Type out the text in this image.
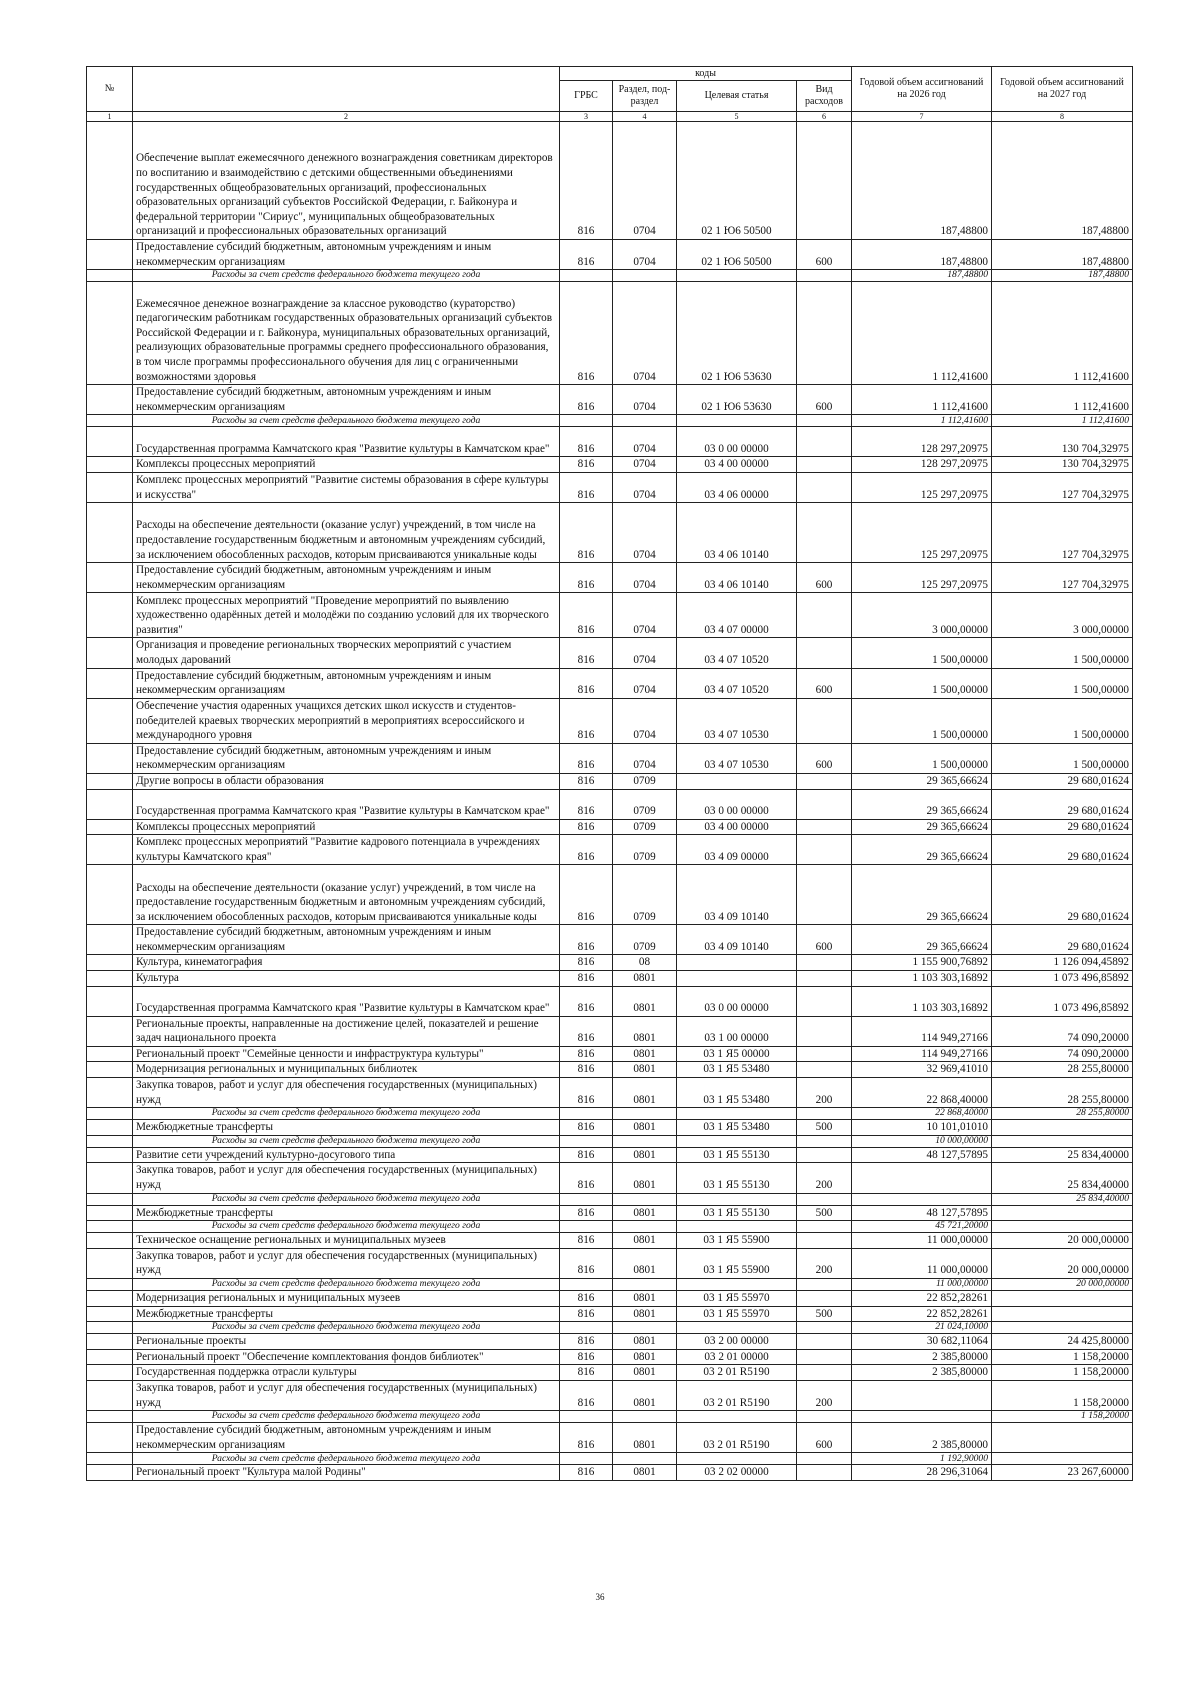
№		коды				Годовой объем ассигнований на 2026 год	Годовой объем ассигнований на 2027 год
		ГРБС	Раздел, под-раздел	Целевая статья	Вид расходов		
1	2	3	4	5	6	7	8
	Обеспечение выплат ежемесячного денежного вознаграждения советникам директоров по воспитанию и взаимодействию с детскими общественными объединениями государственных общеобразовательных организаций, профессиональных образовательных организаций субъектов Российской Федерации, г. Байконура и федеральной территории "Сириус", муниципальных общеобразовательных организаций и профессиональных образовательных организаций	816	0704	02 1 Ю6 50500		187,48800	187,48800
	Предоставление субсидий бюджетным, автономным учреждениям и иным некоммерческим организациям	816	0704	02 1 Ю6 50500	600	187,48800	187,48800
	Расходы за счет средств федерального бюджета текущего года					187,48800	187,48800
	Ежемесячное денежное вознаграждение за классное руководство (кураторство) педагогическим работникам государственных образовательных организаций субъектов Российской Федерации и г. Байконура, муниципальных образовательных организаций, реализующих образовательные программы среднего профессионального образования, в том числе программы профессионального обучения для лиц с ограниченными возможностями здоровья	816	0704	02 1 Ю6 53630		1 112,41600	1 112,41600
	Предоставление субсидий бюджетным, автономным учреждениям и иным некоммерческим организациям	816	0704	02 1 Ю6 53630	600	1 112,41600	1 112,41600
	Расходы за счет средств федерального бюджета текущего года					1 112,41600	1 112,41600
	Государственная программа Камчатского края "Развитие культуры в Камчатском крае"	816	0704	03 0 00 00000		128 297,20975	130 704,32975
	Комплексы процессных мероприятий	816	0704	03 4 00 00000		128 297,20975	130 704,32975
	Комплекс процессных мероприятий "Развитие системы образования в сфере культуры и искусства"	816	0704	03 4 06 00000		125 297,20975	127 704,32975
	Расходы на обеспечение деятельности (оказание услуг) учреждений, в том числе на предоставление государственным бюджетным и автономным учреждениям субсидий, за исключением обособленных расходов, которым присваиваются уникальные коды	816	0704	03 4 06 10140		125 297,20975	127 704,32975
	Предоставление субсидий бюджетным, автономным учреждениям и иным некоммерческим организациям	816	0704	03 4 06 10140	600	125 297,20975	127 704,32975
	Комплекс процессных мероприятий "Проведение мероприятий по выявлению художественно одарённых детей и молодёжи по созданию условий для их творческого развития"	816	0704	03 4 07 00000		3 000,00000	3 000,00000
	Организация и проведение региональных творческих мероприятий с участием молодых дарований	816	0704	03 4 07 10520		1 500,00000	1 500,00000
	Предоставление субсидий бюджетным, автономным учреждениям и иным некоммерческим организациям	816	0704	03 4 07 10520	600	1 500,00000	1 500,00000
	Обеспечение участия одаренных учащихся детских школ искусств и студентов-победителей краевых творческих мероприятий в мероприятиях всероссийского и международного уровня	816	0704	03 4 07 10530		1 500,00000	1 500,00000
	Предоставление субсидий бюджетным, автономным учреждениям и иным некоммерческим организациям	816	0704	03 4 07 10530	600	1 500,00000	1 500,00000
	Другие вопросы в области образования	816	0709			29 365,66624	29 680,01624
	Государственная программа Камчатского края "Развитие культуры в Камчатском крае"	816	0709	03 0 00 00000		29 365,66624	29 680,01624
	Комплексы процессных мероприятий	816	0709	03 4 00 00000		29 365,66624	29 680,01624
	Комплекс процессных мероприятий "Развитие кадрового потенциала в учреждениях культуры Камчатского края"	816	0709	03 4 09 00000		29 365,66624	29 680,01624
	Расходы на обеспечение деятельности (оказание услуг) учреждений, в том числе на предоставление государственным бюджетным и автономным учреждениям субсидий, за исключением обособленных расходов, которым присваиваются уникальные коды	816	0709	03 4 09 10140		29 365,66624	29 680,01624
	Предоставление субсидий бюджетным, автономным учреждениям и иным некоммерческим организациям	816	0709	03 4 09 10140	600	29 365,66624	29 680,01624
	Культура, кинематография	816	08			1 155 900,76892	1 126 094,45892
	Культура	816	0801			1 103 303,16892	1 073 496,85892
	Государственная программа Камчатского края "Развитие культуры в Камчатском крае"	816	0801	03 0 00 00000		1 103 303,16892	1 073 496,85892
	Региональные проекты, направленные на достижение целей, показателей и решение задач национального проекта	816	0801	03 1 00 00000		114 949,27166	74 090,20000
	Региональный проект "Семейные ценности и инфраструктура культуры"	816	0801	03 1 Я5 00000		114 949,27166	74 090,20000
	Модернизация региональных и муниципальных библиотек	816	0801	03 1 Я5 53480		32 969,41010	28 255,80000
	Закупка товаров, работ и услуг для обеспечения государственных (муниципальных) нужд	816	0801	03 1 Я5 53480	200	22 868,40000	28 255,80000
	Расходы за счет средств федерального бюджета текущего года					22 868,40000	28 255,80000
	Межбюджетные трансферты	816	0801	03 1 Я5 53480	500	10 101,01010	
	Расходы за счет средств федерального бюджета текущего года					10 000,00000	
	Развитие сети учреждений культурно-досугового типа	816	0801	03 1 Я5 55130		48 127,57895	25 834,40000
	Закупка товаров, работ и услуг для обеспечения государственных (муниципальных) нужд	816	0801	03 1 Я5 55130	200		25 834,40000
	Расходы за счет средств федерального бюджета текущего года						25 834,40000
	Межбюджетные трансферты	816	0801	03 1 Я5 55130	500	48 127,57895	
	Расходы за счет средств федерального бюджета текущего года					45 721,20000	
	Техническое оснащение региональных и муниципальных музеев	816	0801	03 1 Я5 55900		11 000,00000	20 000,00000
	Закупка товаров, работ и услуг для обеспечения государственных (муниципальных) нужд	816	0801	03 1 Я5 55900	200	11 000,00000	20 000,00000
	Расходы за счет средств федерального бюджета текущего года					11 000,00000	20 000,00000
	Модернизация региональных и муниципальных музеев	816	0801	03 1 Я5 55970		22 852,28261	
	Межбюджетные трансферты	816	0801	03 1 Я5 55970	500	22 852,28261	
	Расходы за счет средств федерального бюджета текущего года					21 024,10000	
	Региональные проекты	816	0801	03 2 00 00000		30 682,11064	24 425,80000
	Региональный проект "Обеспечение комплектования фондов библиотек"	816	0801	03 2 01 00000		2 385,80000	1 158,20000
	Государственная поддержка отрасли культуры	816	0801	03 2 01 R5190		2 385,80000	1 158,20000
	Закупка товаров, работ и услуг для обеспечения государственных (муниципальных) нужд	816	0801	03 2 01 R5190	200		1 158,20000
	Расходы за счет средств федерального бюджета текущего года						1 158,20000
	Предоставление субсидий бюджетным, автономным учреждениям и иным некоммерческим организациям	816	0801	03 2 01 R5190	600	2 385,80000	
	Расходы за счет средств федерального бюджета текущего года					1 192,90000	
	Региональный проект "Культура малой Родины"	816	0801	03 2 02 00000		28 296,31064	23 267,60000
36
